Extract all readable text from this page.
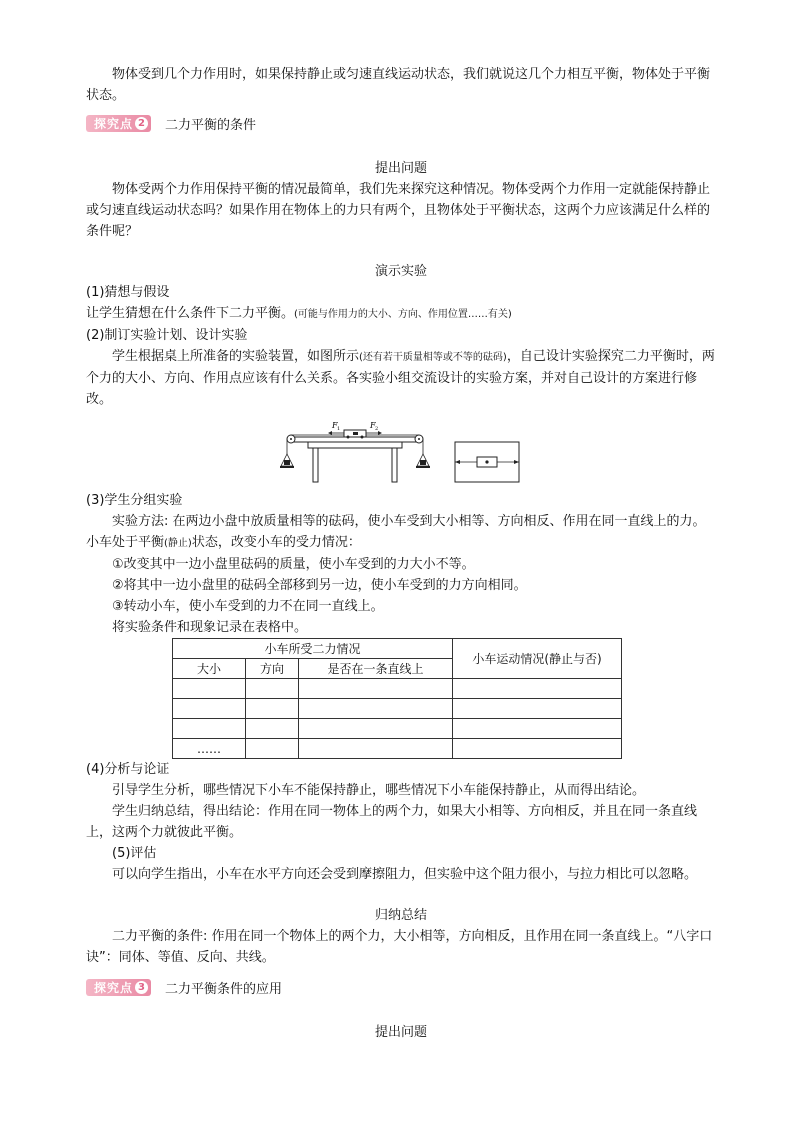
物体受到几个力作用时，如果保持静止或匀速直线运动状态，我们就说这几个力相互平衡，物体处于平衡状态。

探究点 2 二力平衡的条件

提出问题

物体受两个力作用保持平衡的情况最简单，我们先来探究这种情况。物体受两个力作用一定就能保持静止或匀速直线运动状态吗？如果作用在物体上的力只有两个，且物体处于平衡状态，这两个力应该满足什么样的条件呢？

演示实验

(1)猜想与假设

让学生猜想在什么条件下二力平衡。(可能与作用力的大小、方向、作用位置……有关)

(2)制订实验计划、设计实验

学生根据桌上所准备的实验装置，如图所示(还有若干质量相等或不等的砝码)，自己设计实验探究二力平衡时，两个力的大小、方向、作用点应该有什么关系。各实验小组交流设计的实验方案，并对自己设计的方案进行修改。

F 1	F 2

(3)学生分组实验

实验方法: 在两边小盘中放质量相等的砝码，使小车受到大小相等、方向相反、作用在同一直线上的力。小车处于平衡(静止)状态，改变小车的受力情况：

①改变其中一边小盘里砝码的质量，使小车受到的力大小不等。

②将其中一边小盘里的砝码全部移到另一边，使小车受到的力方向相同。

③转动小车，使小车受到的力不在同一直线上。

将实验条件和现象记录在表格中。

小车所受二力情况			小车运动情况(静止与否)
大小	方向	是否在一条直线上	

……			

(4)分析与论证

引导学生分析，哪些情况下小车不能保持静止，哪些情况下小车能保持静止，从而得出结论。

学生归纳总结，得出结论：作用在同一物体上的两个力，如果大小相等、方向相反，并且在同一条直线上，这两个力就彼此平衡。

(5)评估

可以向学生指出，小车在水平方向还会受到摩擦阻力，但实验中这个阻力很小，与拉力相比可以忽略。

归纳总结

二力平衡的条件: 作用在同一个物体上的两个力，大小相等，方向相反，且作用在同一条直线上。“八字口诀”：同体、等值、反向、共线。

探究点 3 二力平衡条件的应用

提出问题
